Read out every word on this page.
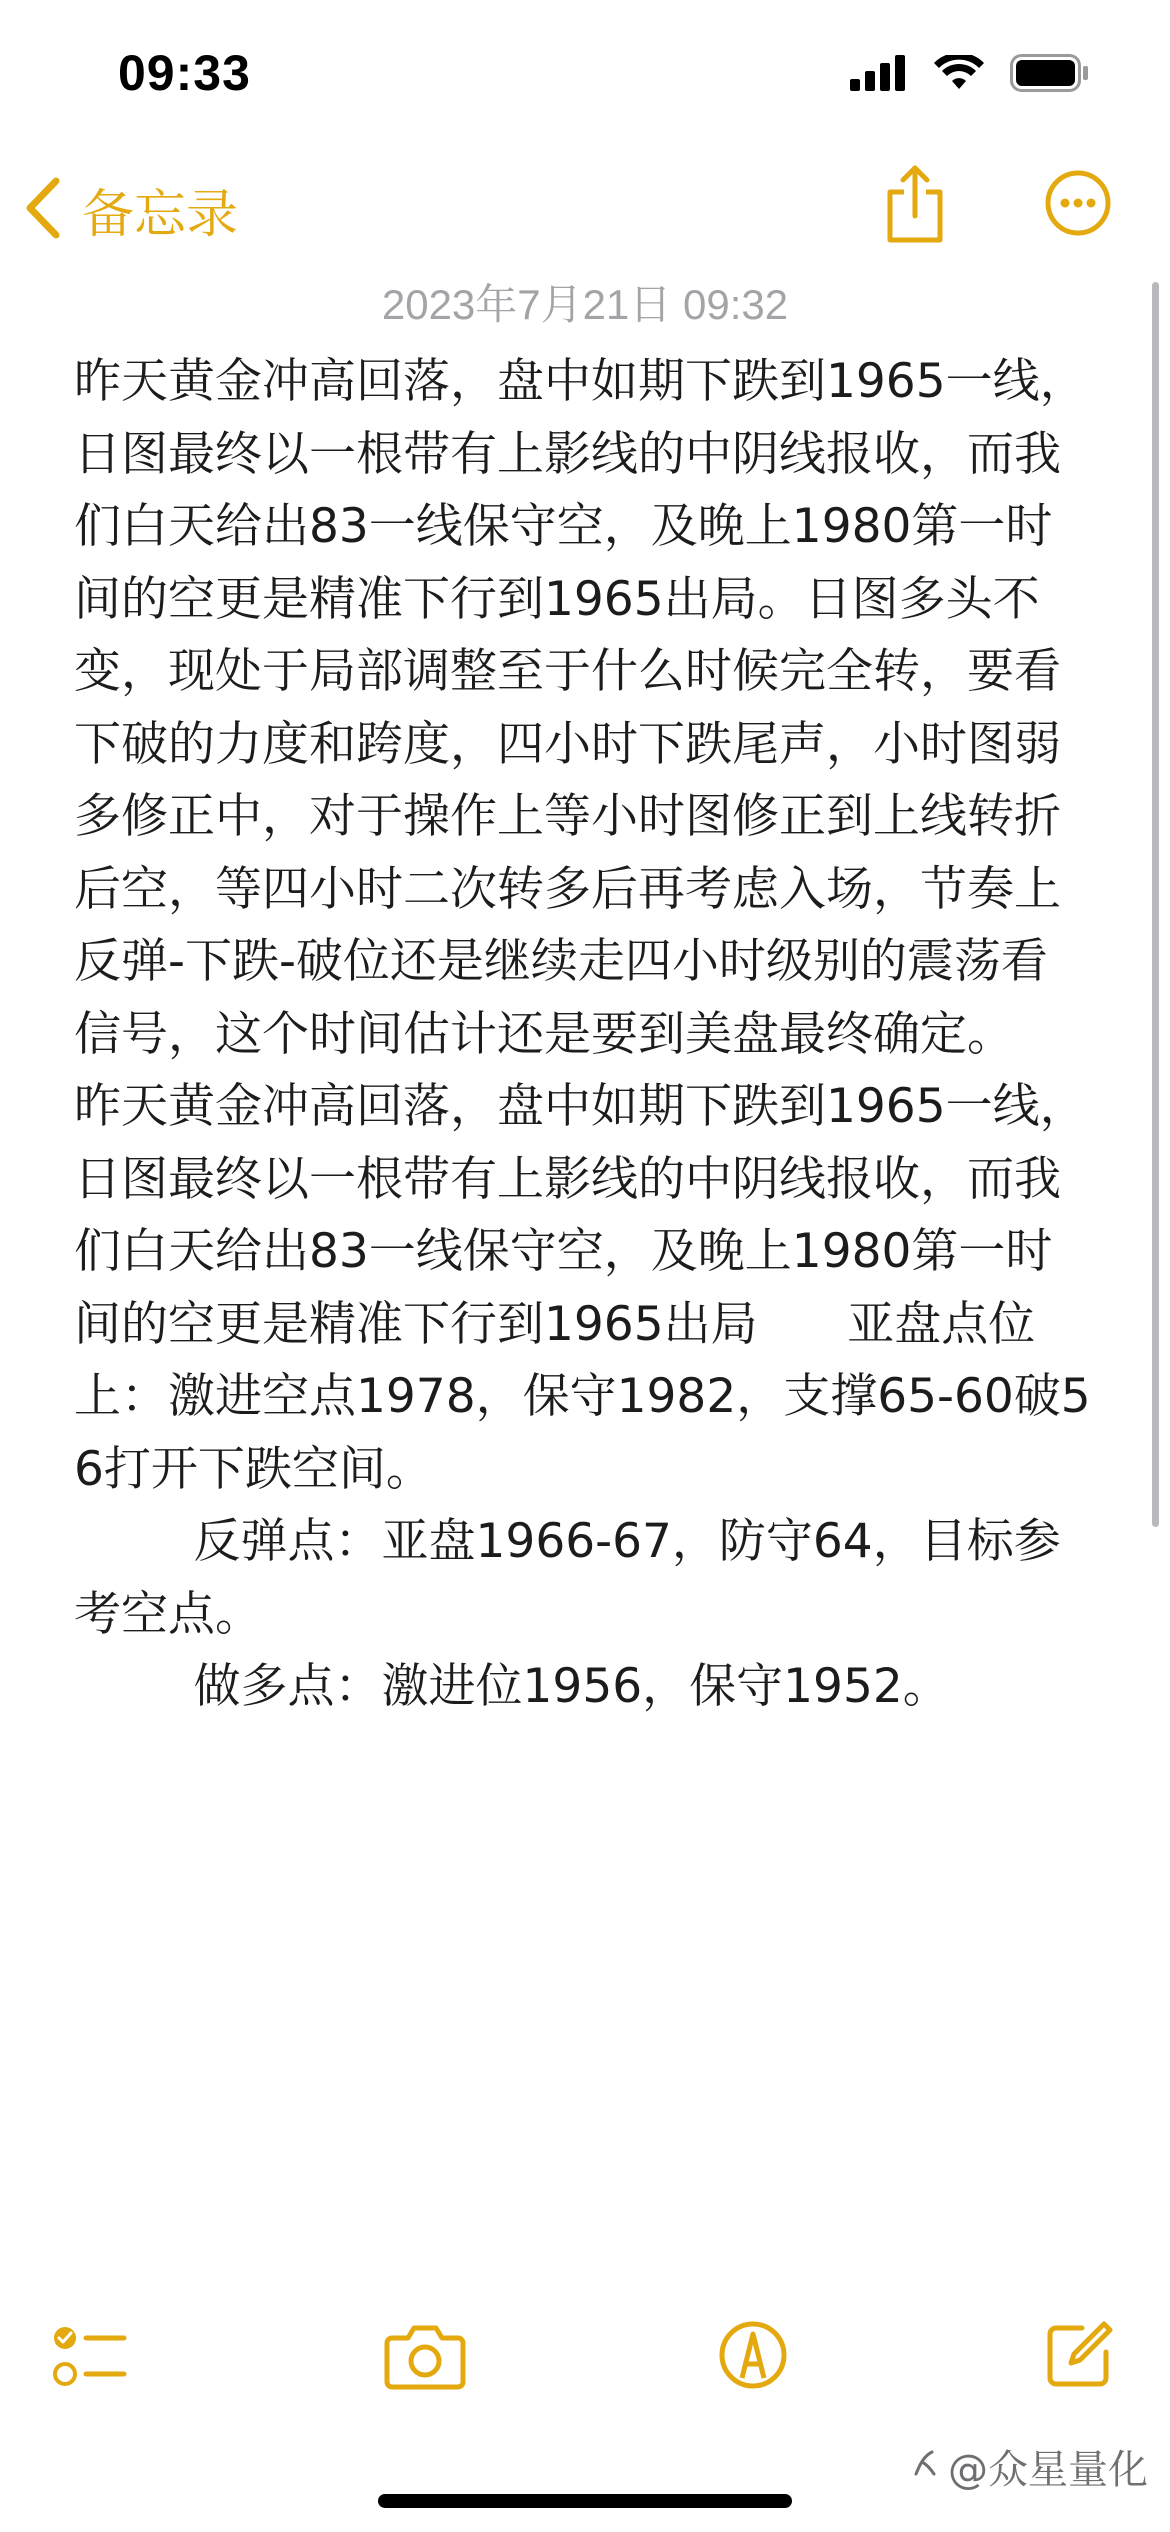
09:33
备忘录
2023年7月21日 09:32

昨天黄金冲高回落，盘中如期下跌到1965一线，日图最终以一根带有上影线的中阴线报收，而我们白天给出83一线保守空，及晚上1980第一时间的空更是精准下行到1965出局。日图多头不变，现处于局部调整至于什么时候完全转，要看下破的力度和跨度，四小时下跌尾声，小时图弱多修正中，对于操作上等小时图修正到上线转折后空，等四小时二次转多后再考虑入场，节奏上反弹-下跌-破位还是继续走四小时级别的震荡看信号，这个时间估计还是要到美盘最终确定。

昨天黄金冲高回落，盘中如期下跌到1965一线，日图最终以一根带有上影线的中阴线报收，而我们白天给出83一线保守空，及晚上1980第一时间的空更是精准下行到1965出局      亚盘点位上：激进空点1978，保守1982，支撑65-60破56打开下跌空间。

反弹点：亚盘1966-67，防守64，目标参考空点。

做多点：激进位1956，保守1952。

@众星量化
